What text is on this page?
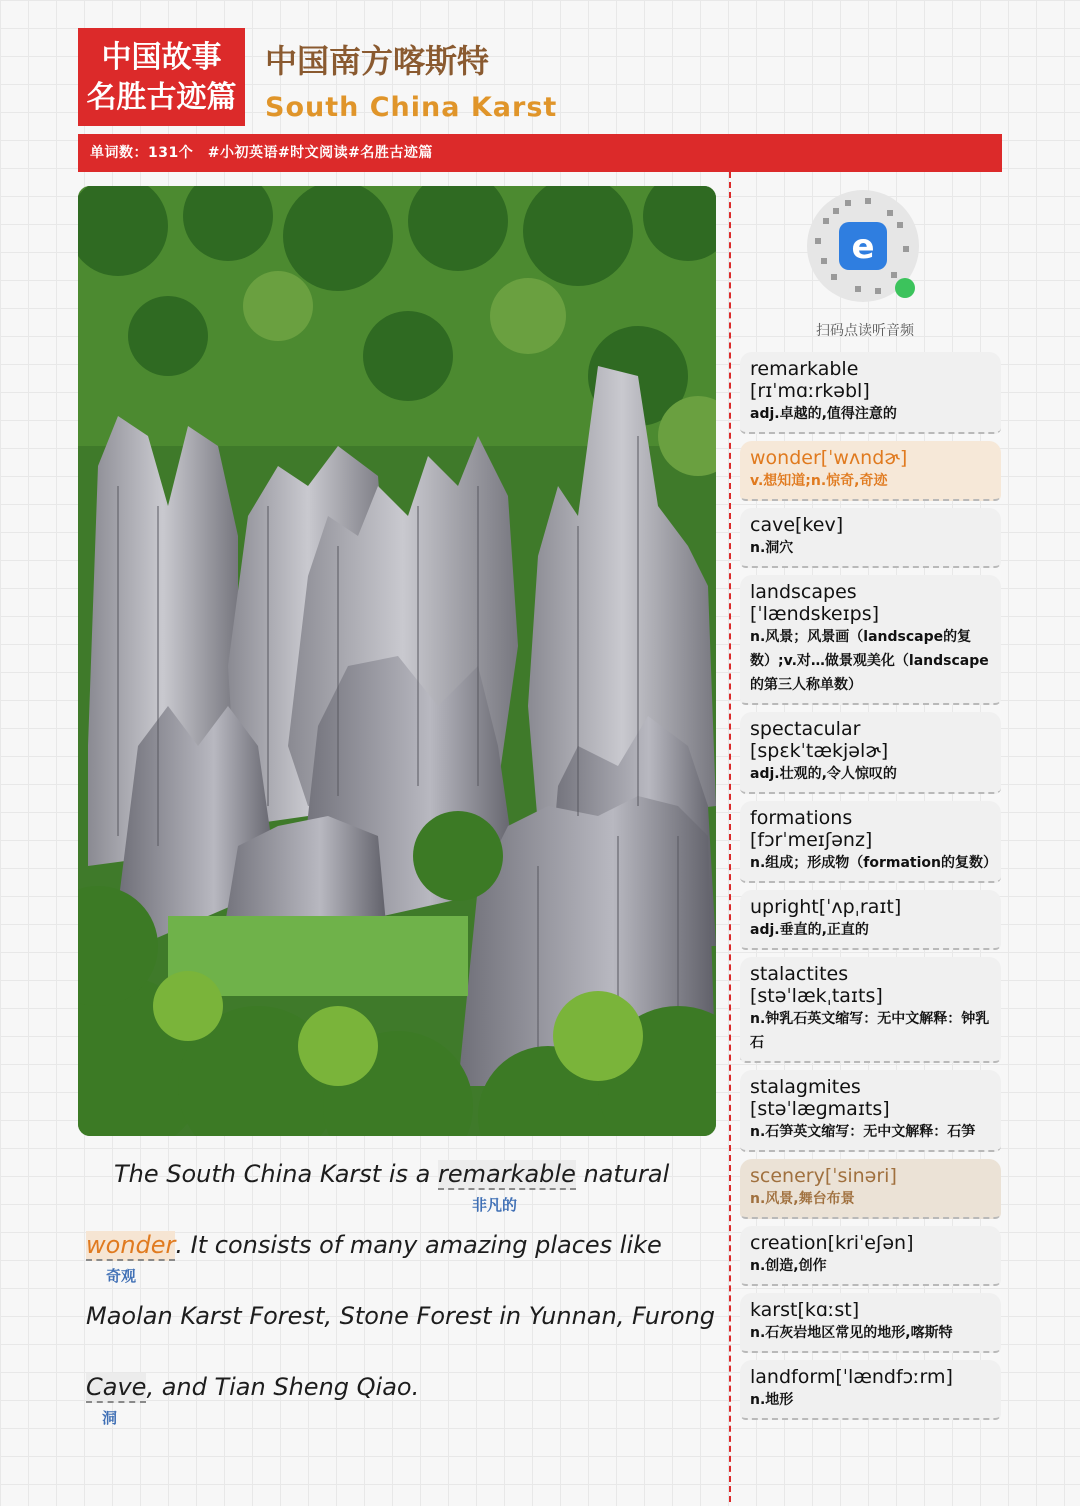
中国故事
名胜古迹篇
中国南方喀斯特
South China Karst
单词数：131个　#小初英语#时文阅读#名胜古迹篇
e
扫码点读听音频
remarkable
[rɪˈmɑːrkəbl]
adj.卓越的,值得注意的
wonder[ˈwʌndɚ]
v.想知道;n.惊奇,奇迹
cave[kev]
n.洞穴
landscapes
[ˈlændskeɪps]
n.风景；风景画（landscape的复数）;v.对…做景观美化（landscape的第三人称单数）
spectacular
[spɛkˈtækjəlɚ]
adj.壮观的,令人惊叹的
formations
[fɔrˈmeɪʃənz]
n.组成；形成物（formation的复数）
upright[ˈʌpˌraɪt]
adj.垂直的,正直的
stalactites
[stəˈlækˌtaɪts]
n.钟乳石英文缩写：无中文解释：钟乳石
stalagmites
[stəˈlæɡmaɪts]
n.石笋英文缩写：无中文解释：石笋
scenery[ˈsinəri]
n.风景,舞台布景
creation[kriˈeʃən]
n.创造,创作
karst[kɑːst]
n.石灰岩地区常见的地形,喀斯特
landform[ˈlændfɔːrm]
n.地形
The South China Karst is a remarkable
非凡的
natural
wonder
奇观
. It consists of many amazing places like
Maolan Karst Forest, Stone Forest in Yunnan, Furong
Cave
洞
, and Tian Sheng Qiao.
